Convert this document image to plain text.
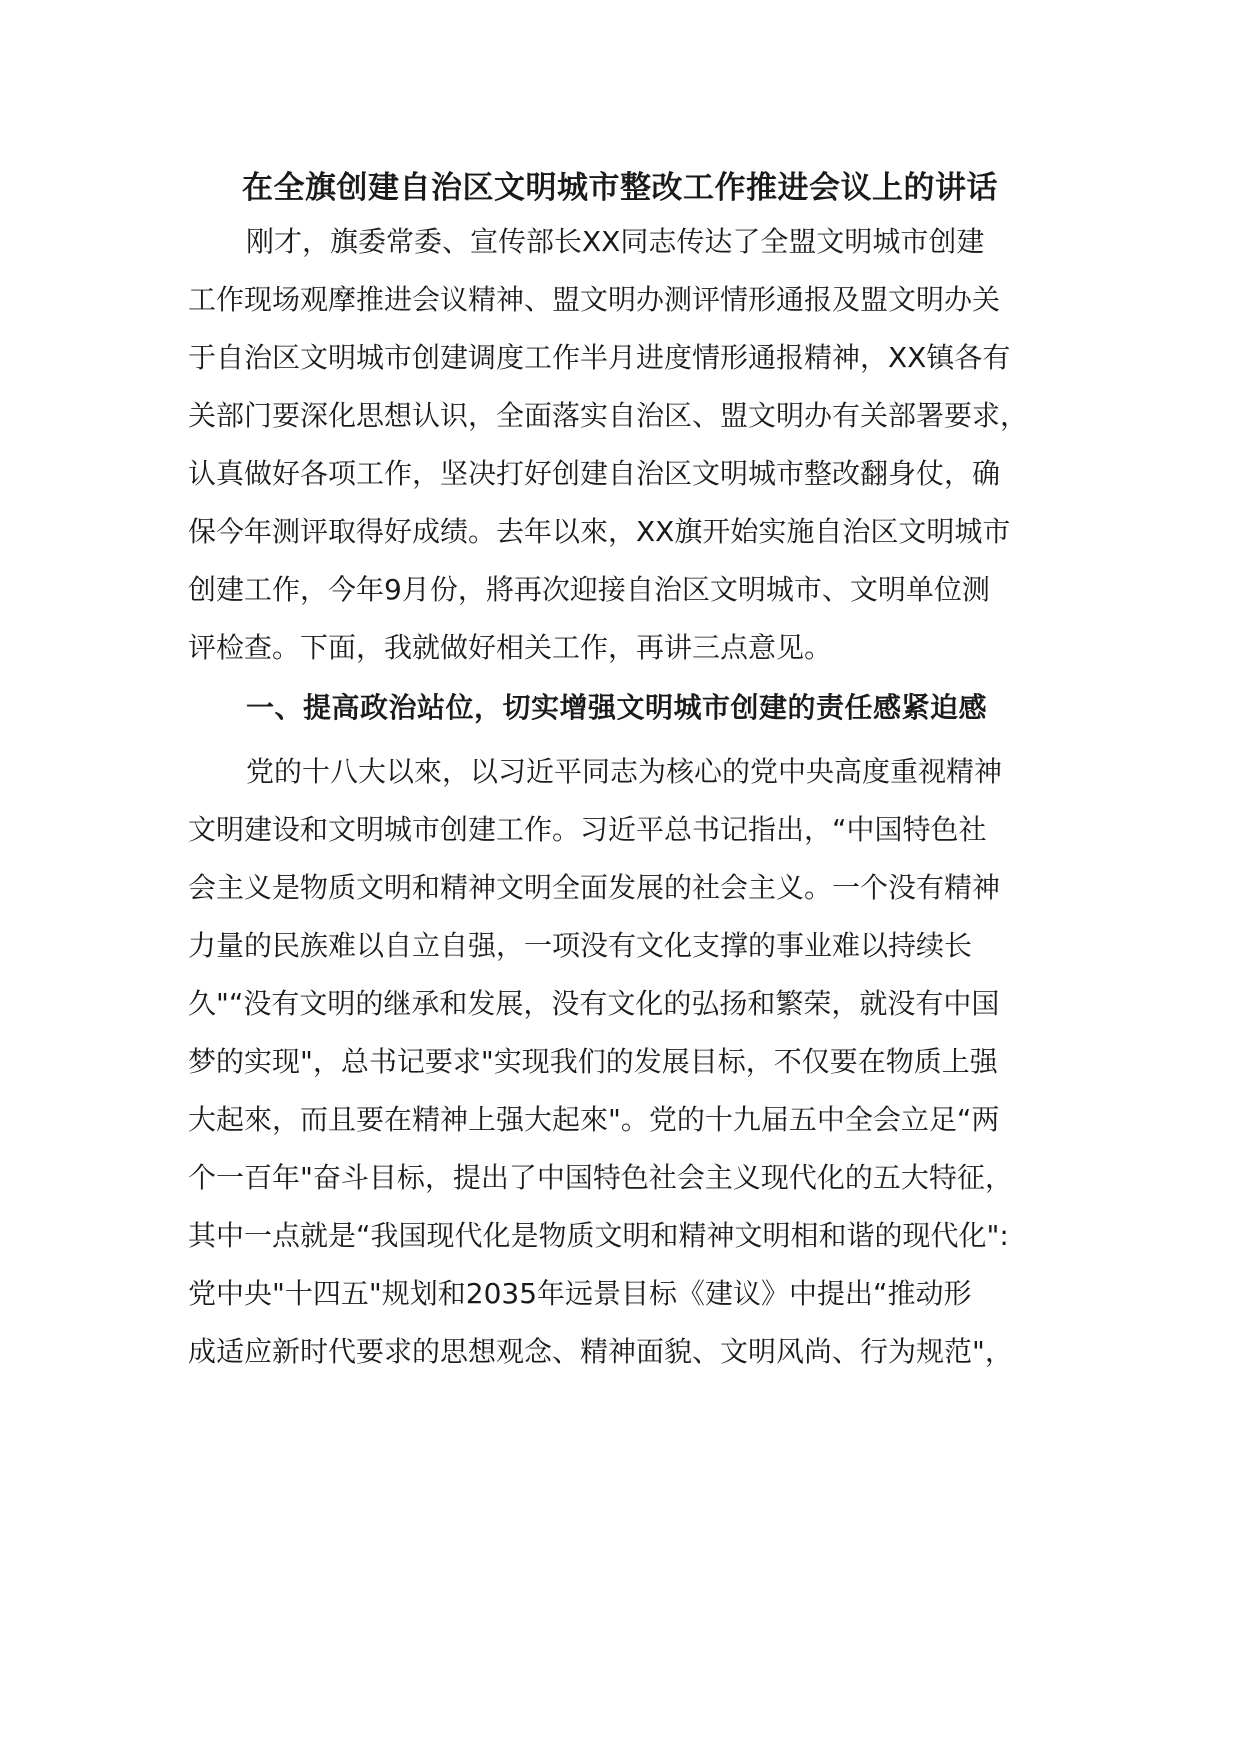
在全旗创建自治区文明城市整改工作推进会议上的讲话
刚才，旗委常委、宣传部长XX同志传达了全盟文明城市创建
工作现场观摩推进会议精神、盟文明办测评情形通报及盟文明办关
于自治区文明城市创建调度工作半月进度情形通报精神，XX镇各有
关部门要深化思想认识，全面落实自治区、盟文明办有关部署要求，
认真做好各项工作，坚决打好创建自治区文明城市整改翻身仗，确
保今年测评取得好成绩。去年以來，XX旗开始实施自治区文明城市
创建工作，今年9月份，將再次迎接自治区文明城市、文明单位测
评检查。下面，我就做好相关工作，再讲三点意见。
一、提高政治站位，切实增强文明城市创建的责任感紧迫感
党的十八大以來，以习近平同志为核心的党中央高度重视精神
文明建设和文明城市创建工作。习近平总书记指出，“中国特色社
会主义是物质文明和精神文明全面发展的社会主义。一个没有精神
力量的民族难以自立自强，一项没有文化支撑的事业难以持续长
久"“没有文明的继承和发展，没有文化的弘扬和繁荣，就没有中国
梦的实现"，总书记要求"实现我们的发展目标，不仅要在物质上强
大起來，而且要在精神上强大起來"。党的十九届五中全会立足“两
个一百年"奋斗目标，提出了中国特色社会主义现代化的五大特征，
其中一点就是“我国现代化是物质文明和精神文明相和谐的现代化":
党中央"十四五"规划和2035年远景目标《建议》中提出“推动形
成适应新时代要求的思想观念、精神面貌、文明风尚、行为规范"，
